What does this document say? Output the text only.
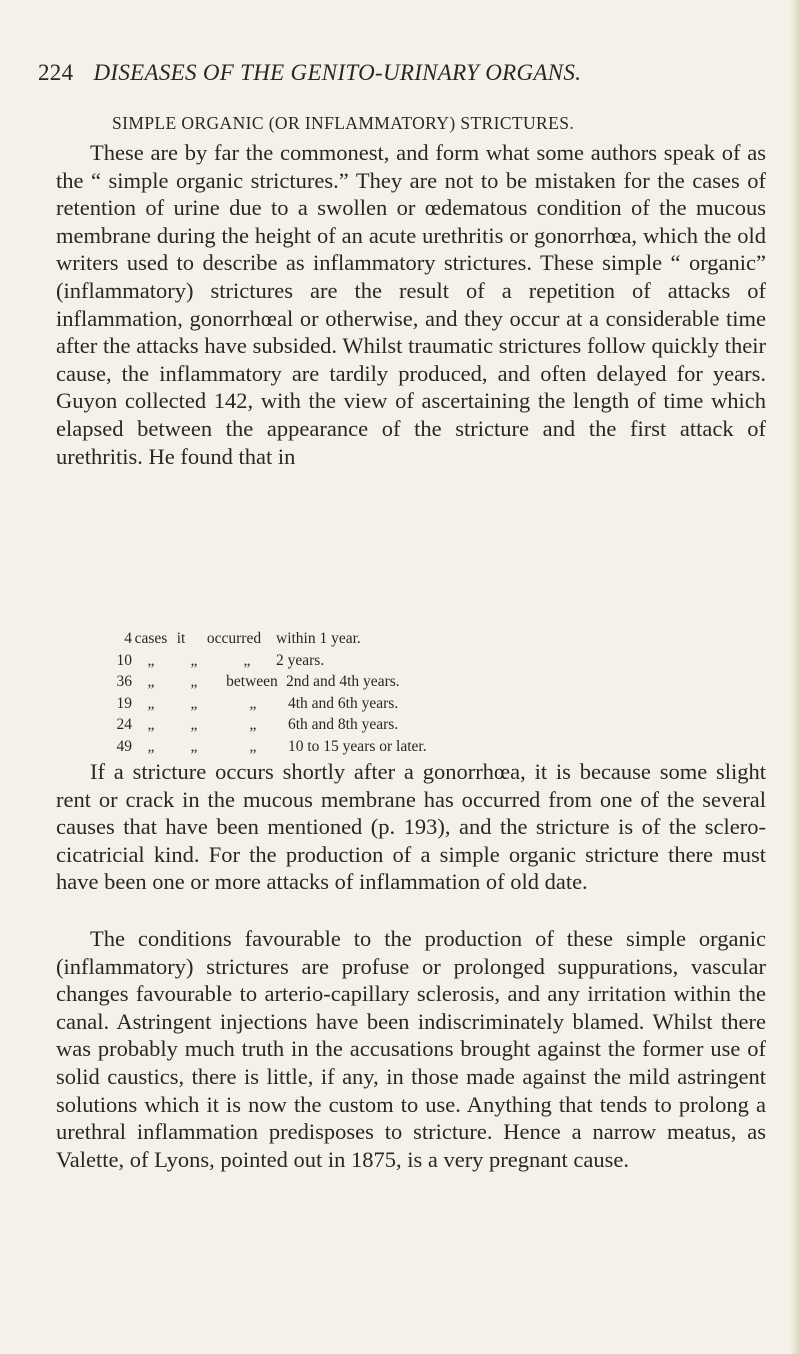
224 DISEASES OF THE GENITO-URINARY ORGANS.
SIMPLE ORGANIC (OR INFLAMMATORY) STRICTURES.

These are by far the commonest, and form what some authors speak of as the “ simple organic strictures.” They are not to be mistaken for the cases of retention of urine due to a swollen or œdematous condition of the mucous membrane during the height of an acute urethritis or gonorrhœa, which the old writers used to describe as inflammatory strictures. These simple “ organic” (inflammatory) strictures are the result of a repetition of attacks of inflammation, gonorrhœal or otherwise, and they occur at a considerable time after the attacks have subsided. Whilst traumatic strictures follow quickly their cause, the inflammatory are tardily produced, and often delayed for years. Guyon collected 142, with the view of ascertaining the length of time which elapsed between the appearance of the stricture and the first attack of urethritis. He found that in

4 cases it	occurred within 1 year.
10	„	„	„	2 years.
36	„	„	between 2nd and 4th years.
19	„	„	„	4th and 6th years.
24	„	„	„	6th and 8th years.
49	„	„	„	10 to 15 years or later.

If a stricture occurs shortly after a gonorrhœa, it is because some slight rent or crack in the mucous membrane has occurred from one of the several causes that have been mentioned (p. 193), and the stricture is of the sclero-cicatricial kind. For the production of a simple organic stricture there must have been one or more attacks of inflammation of old date.

The conditions favourable to the production of these simple organic (inflammatory) strictures are profuse or prolonged suppurations, vascular changes favourable to arterio-capillary sclerosis, and any irritation within the canal. Astringent injections have been indiscriminately blamed. Whilst there was probably much truth in the accusations brought against the former use of solid caustics, there is little, if any, in those made against the mild astringent solutions which it is now the custom to use. Anything that tends to prolong a urethral inflammation predisposes to stricture. Hence a narrow meatus, as Valette, of Lyons, pointed out in 1875, is a very pregnant cause.
